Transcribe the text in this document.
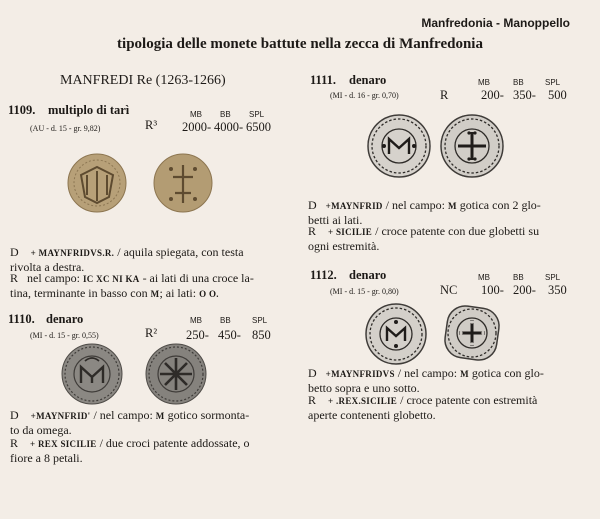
Manfredonia - Manoppello
tipologia delle monete battute nella zecca di Manfredonia
MANFREDI Re (1263-1266)
1109. multiplo di tarì
(AU - d. 15 - gr. 9,82)
MB BB SPL
R³ 2000- 4000- 6500
D + MAYNFRIDVS.R. / aquila spiegata, con testa
rivolta a destra.
R nel campo: IC XC NI KA - ai lati di una croce la-
tina, terminante in basso con M; ai lati: O O.
1110. denaro
(MI - d. 15 - gr. 0,55)
MB BB	SPL
R² 250- 450- 850
D +MAYNFRID' / nel campo: M gotico sormonta-
to da omega.
R + REX SICILIE / due croci patente addossate, o
fiore a 8 petali.
1111. denaro
(MI - d. 16 - gr. 0,70)
MB	BB	SPL
R	200- 350- 500
D +MAYNFRID / nel campo: M gotica con 2 glo-
betti ai lati.
R + SICILIE / croce patente con due globetti su
ogni estremità.
1112. denaro
(MI - d. 15 - gr. 0,80)
MB	BB	SPL
NC 100- 200- 350
D +MAYNFRIDVS / nel campo: M gotica con glo-
betto sopra e uno sotto.
R + .REX.SICILIE / croce patente con estremità
aperte contenenti globetto.
